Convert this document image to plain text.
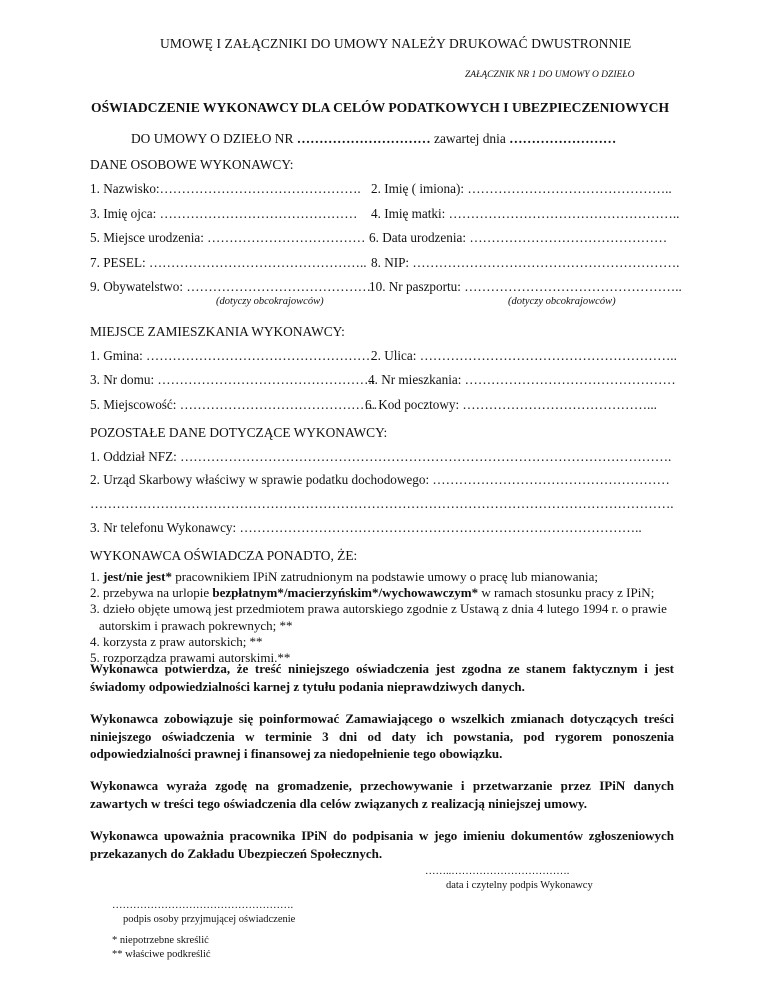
UMOWĘ I ZAŁĄCZNIKI DO UMOWY NALEŻY DRUKOWAĆ DWUSTRONNIE
ZAŁĄCZNIK NR 1 DO UMOWY O DZIEŁO
OŚWIADCZENIE WYKONAWCY DLA CELÓW PODATKOWYCH I UBEZPIECZENIOWYCH
DO UMOWY O DZIEŁO NR ………………………… zawartej dnia ……………………
DANE OSOBOWE WYKONAWCY:
1. Nazwisko:………………………………………. 2. Imię ( imiona): ………………………………………..
3. Imię ojca: ……………………………………… 4. Imię matki: ……………………………………………..
5. Miejsce urodzenia: ……………………………… 6. Data urodzenia: ………………………………………
7. PESEL: ………………………………………….. 8. NIP: …………………………………………………….
9. Obywatelstwo: ……………………………………
10. Nr paszportu: …………………………………………..
(dotyczy obcokrajowców)	(dotyczy obcokrajowców)
MIEJSCE ZAMIESZKANIA WYKONAWCY:
1. Gmina: …………………………………………….
2. Ulica: …………………………………………………..
3. Nr domu: …………………………………………..
4. Nr mieszkania: …………………………………………
5. Miejscowość: ………………………………………
6. Kod pocztowy: ……………………………………...
POZOSTAŁE DANE DOTYCZĄCE WYKONAWCY:
1. Oddział NFZ: ………………………………………………………………………………………………….
2. Urząd Skarbowy właściwy w sprawie podatku dochodowego: ………………………………………………
…………………………………………………………………………………………………………………….
3. Nr telefonu Wykonawcy: ………………………………………………………………………………..
WYKONAWCA OŚWIADCZA PONADTO, ŻE:
1. jest/nie jest* pracownikiem IPiN zatrudnionym na podstawie umowy o pracę lub mianowania;
2. przebywa na urlopie bezpłatnym*/macierzyńskim*/wychowawczym* w ramach stosunku pracy z IPiN;
3. dzieło objęte umową jest przedmiotem prawa autorskiego zgodnie z Ustawą z dnia 4 lutego 1994 r. o prawie
autorskim i prawach pokrewnych; **
4. korzysta z praw autorskich; **
5. rozporządza prawami autorskimi.**
Wykonawca potwierdza, że treść niniejszego oświadczenia jest zgodna ze stanem faktycznym i jest świadomy odpowiedzialności karnej z tytułu podania nieprawdziwych danych.
Wykonawca zobowiązuje się poinformować Zamawiającego o wszelkich zmianach dotyczących treści niniejszego oświadczenia w terminie 3 dni od daty ich powstania, pod rygorem ponoszenia odpowiedzialności prawnej i finansowej za niedopełnienie tego obowiązku.
Wykonawca wyraża zgodę na gromadzenie, przechowywanie i przetwarzanie przez IPiN danych zawartych w treści tego oświadczenia dla celów związanych z realizacją niniejszej umowy.
Wykonawca upoważnia pracownika IPiN do podpisania w jego imieniu dokumentów zgłoszeniowych przekazanych do Zakładu Ubezpieczeń Społecznych.
……..…………………………….
data i czytelny podpis Wykonawcy
…………………………………………….
podpis osoby przyjmującej oświadczenie
* niepotrzebne skreślić
** właściwe podkreślić
